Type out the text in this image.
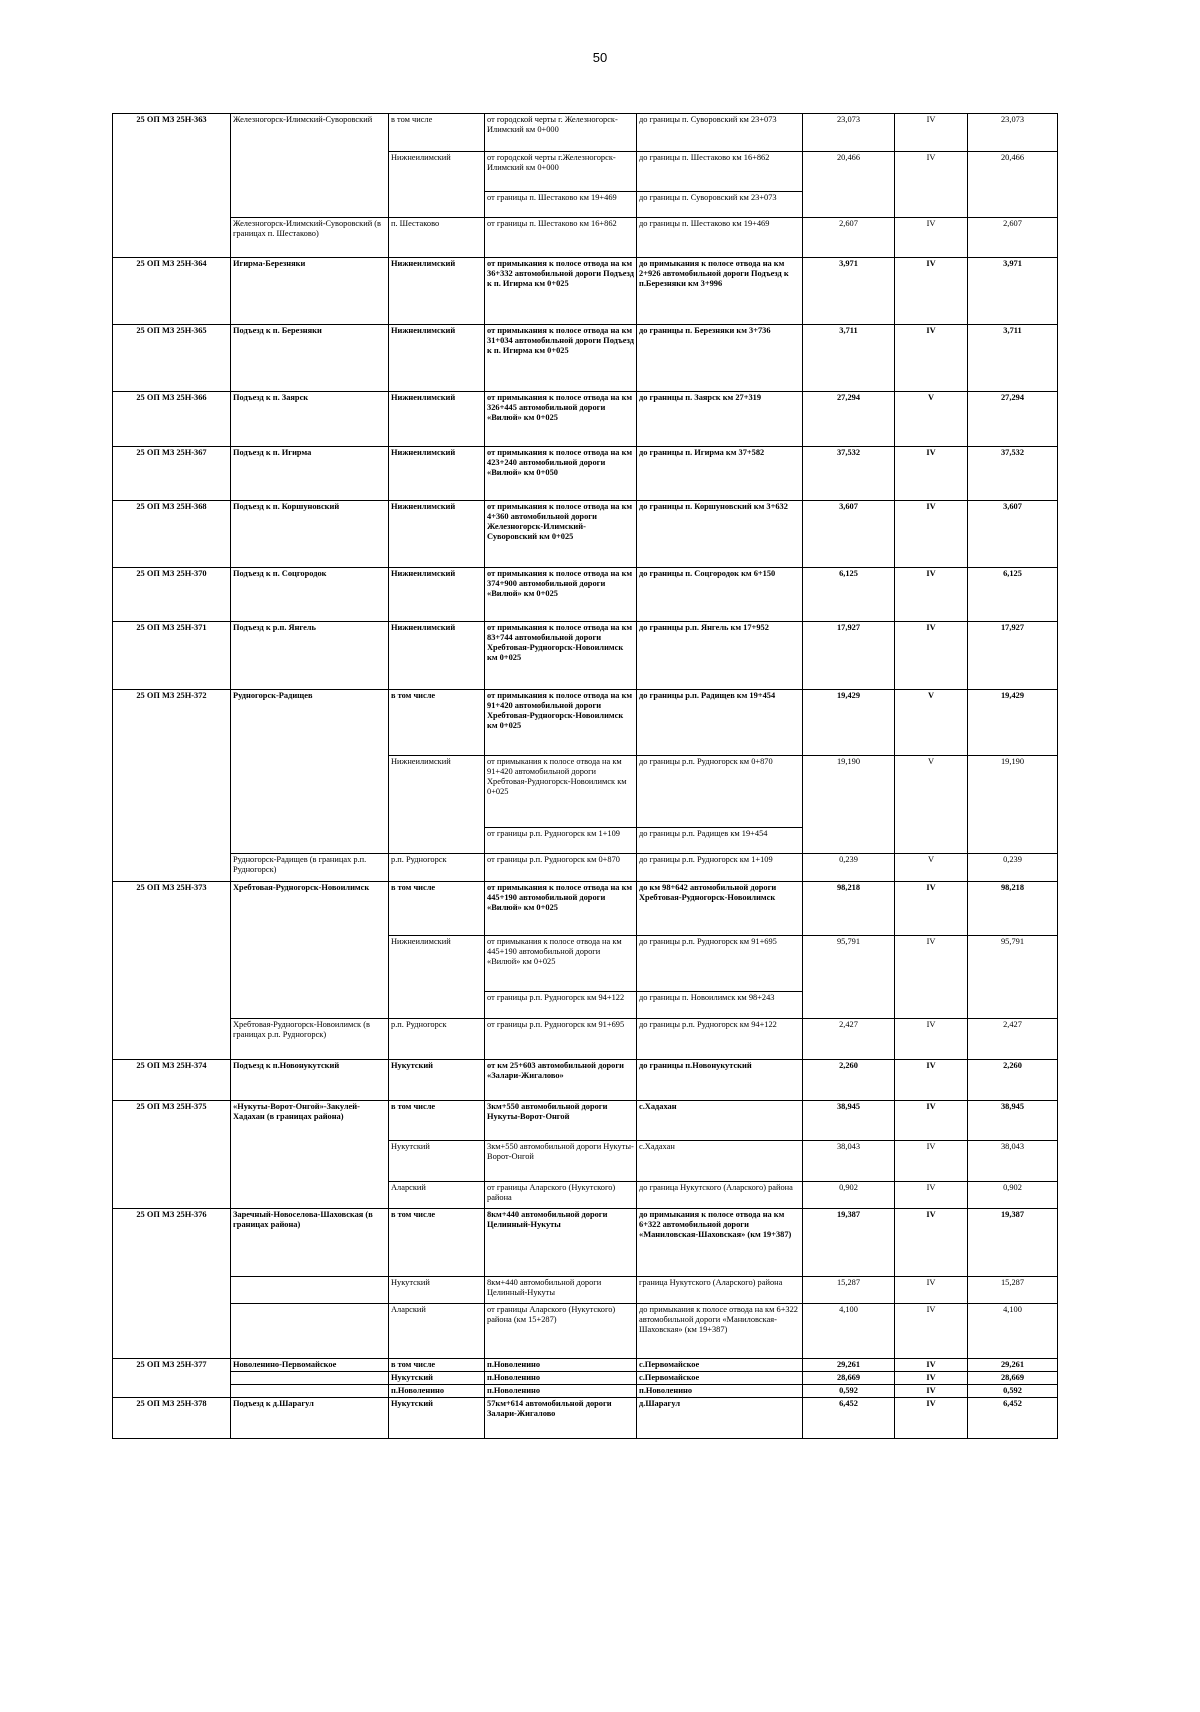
50
25 ОП МЗ 25Н-363	Железногорск-Илимский-Суворовский	в том числе	от городской черты г. Железногорск-Илимский км 0+000	до границы п. Суворовский км 23+073	23,073	IV	23,073
		Нижнеилимский	от городской черты г.Железногорск-Илимский км 0+000	до границы п. Шестаково км 16+862	20,466	IV	20,466
			от границы п. Шестаково км 19+469	до границы п. Суворовский км 23+073			

	Железногорск-Илимский-Суворовский (в границах п. Шестаково)	п. Шестаково	от границы п. Шестаково км 16+862	до границы п. Шестаково км 19+469	2,607	IV	2,607
25 ОП МЗ 25Н-364	Игирма-Березняки	Нижнеилимский	от примыкания к полосе отвода на км 36+332 автомобильной дороги Подъезд к п. Игирма км 0+025	до примыкания к полосе отвода на км 2+926 автомобильной дороги Подъезд к п.Березняки км 3+996	3,971	IV	3,971
25 ОП МЗ 25Н-365	Подъезд к п. Березняки	Нижнеилимский	от примыкания к полосе отвода на км 31+034 автомобильной дороги Подъезд к п. Игирма км 0+025	до границы п. Березняки км 3+736	3,711	IV	3,711
25 ОП МЗ 25Н-366	Подъезд к п. Заярск	Нижнеилимский	от примыкания к полосе отвода на км 326+445 автомобильной дороги «Вилюй» км 0+025	до границы п. Заярск км 27+319	27,294	V	27,294
25 ОП МЗ 25Н-367	Подъезд к п. Игирма	Нижнеилимский	от примыкания к полосе отвода на км 423+240 автомобильной дороги «Вилюй» км 0+050	до границы п. Игирма км 37+582	37,532	IV	37,532
25 ОП МЗ 25Н-368	Подъезд к п. Коршуновский	Нижнеилимский	от примыкания к полосе отвода на км 4+360 автомобильной дороги Железногорск-Илимский-Суворовский км 0+025	до границы п. Коршуновский км 3+632	3,607	IV	3,607
25 ОП МЗ 25Н-370	Подъезд к п. Соцгородок	Нижнеилимский	от примыкания к полосе отвода на км 374+900 автомобильной дороги «Вилюй» км 0+025	до границы п. Соцгородок км 6+150	6,125	IV	6,125
25 ОП МЗ 25Н-371	Подъезд к р.п. Янгель	Нижнеилимский	от примыкания к полосе отвода на км 83+744 автомобильной дороги Хребтовая-Рудногорск-Новоилимск км 0+025	до границы р.п. Янгель км 17+952	17,927	IV	17,927
25 ОП МЗ 25Н-372	Рудногорск-Радищев	в том числе	от примыкания к полосе отвода на км 91+420 автомобильной дороги Хребтовая-Рудногорск-Новоилимск км 0+025	до границы р.п. Радищев км 19+454	19,429	V	19,429
		Нижнеилимский	от примыкания к полосе отвода на км 91+420 автомобильной дороги Хребтовая-Рудногорск-Новоилимск км 0+025	до границы р.п. Рудногорск км 0+870	19,190	V	19,190
			от границы р.п. Рудногорск км 1+109	до границы р.п. Радищев км 19+454			
	Рудногорск-Радищев (в границах р.п. Рудногорск)	р.п. Рудногорск	от границы р.п. Рудногорск км 0+870	до границы р.п. Рудногорск км 1+109	0,239	V	0,239
25 ОП МЗ 25Н-373	Хребтовая-Рудногорск-Новоилимск	в том числе	от примыкания к полосе отвода на км 445+190 автомобильной дороги «Вилюй» км 0+025	до км 98+642 автомобильной дороги Хребтовая-Рудногорск-Новоилимск	98,218	IV	98,218
		Нижнеилимский	от примыкания к полосе отвода на км 445+190 автомобильной дороги «Вилюй» км 0+025	до границы р.п. Рудногорск км 91+695	95,791	IV	95,791
			от границы р.п. Рудногорск км 94+122	до границы п. Новоилимск км 98+243			
	Хребтовая-Рудногорск-Новоилимск (в границах р.п. Рудногорск)	р.п. Рудногорск	от границы р.п. Рудногорск км 91+695	до границы р.п. Рудногорск км 94+122	2,427	IV	2,427
25 ОП МЗ 25Н-374	Подъезд к п.Новонукутский	Нукутский	от км 25+603 автомобильной дороги «Залари-Жигалово»	до границы п.Новонукутский	2,260	IV	2,260
25 ОП МЗ 25Н-375	«Нукуты-Ворот-Онгой»-Закулей-Хадахан (в границах района)	в том числе	3км+550 автомобильной дороги Нукуты-Ворот-Онгой	с.Хадахан	38,945	IV	38,945
		Нукутский	3км+550 автомобильной дороги Нукуты-Ворот-Онгой	с.Хадахан	38,043	IV	38,043
		Аларский	от границы Аларского (Нукутского) района	до граница Нукутского (Аларского) района	0,902	IV	0,902
25 ОП МЗ 25Н-376	Заречный-Новоселова-Шаховская (в границах района)	в том числе	8км+440 автомобильной дороги Целинный-Нукуты	до примыкания к полосе отвода на км 6+322 автомобильной дороги «Маниловская-Шаховская» (км 19+387)	19,387	IV	19,387
		Нукутский	8км+440 автомобильной дороги Целинный-Нукуты	граница Нукутского (Аларского) района	15,287	IV	15,287
		Аларский	от границы Аларского (Нукутского) района (км 15+287)	до примыкания к полосе отвода на км 6+322 автомобильной дороги «Маниловская-Шаховская» (км 19+387)	4,100	IV	4,100
25 ОП МЗ 25Н-377	Новоленино-Первомайское	в том числе	п.Новоленино	с.Первомайское	29,261	IV	29,261
		Нукутский	п.Новоленино	с.Первомайское	28,669	IV	28,669
		п.Новоленино	п.Новоленино	п.Новоленино	0,592	IV	0,592
25 ОП МЗ 25Н-378	Подъезд к д.Шарагул	Нукутский	57км+614 автомобильной дороги Залари-Жигалово	д.Шарагул	6,452	IV	6,452
